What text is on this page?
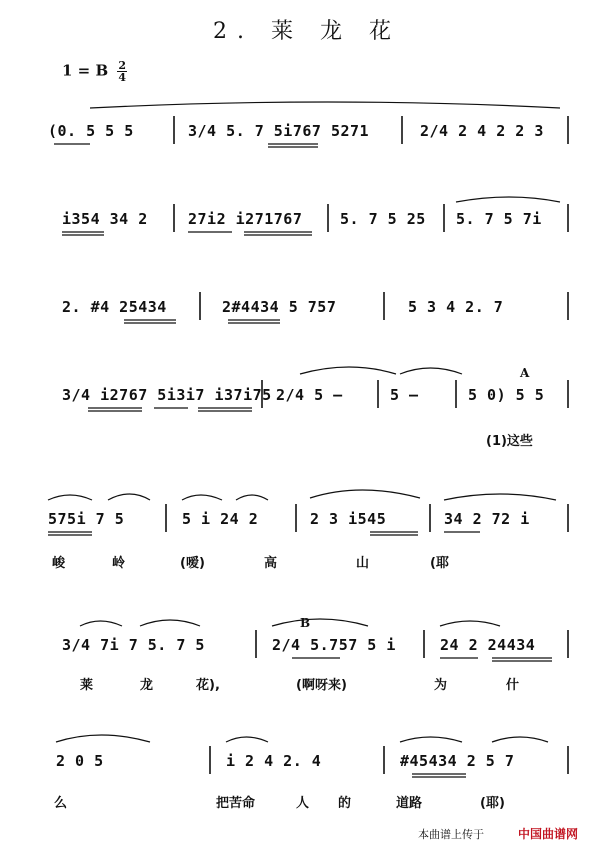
2. 莱 龙 花
1 = B $\frac{2}{4}$
(0. 5 5 5	3/4 5. 7 5i767 5271	2/4 2 4 2 2 3
i354 34 2	27i2 i271767	5. 7 5 25 5. 7 5 7i
2. #4 25434	2#4434 5 757	5 3 4 2. 7
3/4 i2767 5i3i7 i37i75 2/4 5 –	5 –	5 0) 5 5
A
(1)这些
575i 7 5	5 i 24 2	2 3 i545	34 2 72 i
峻	岭	(嗳)	高	山	(耶
3/4 7i 7 5. 7 5	2/4 5.757 5 i	24 2 24434
B
莱	龙	花),	(啊呀来)	为	什
2 0 5	i 2 4 2. 4	#45434 2 5 7
么	把苦命	人 的	道路	(耶)
本曲谱上传于	中国曲谱网
